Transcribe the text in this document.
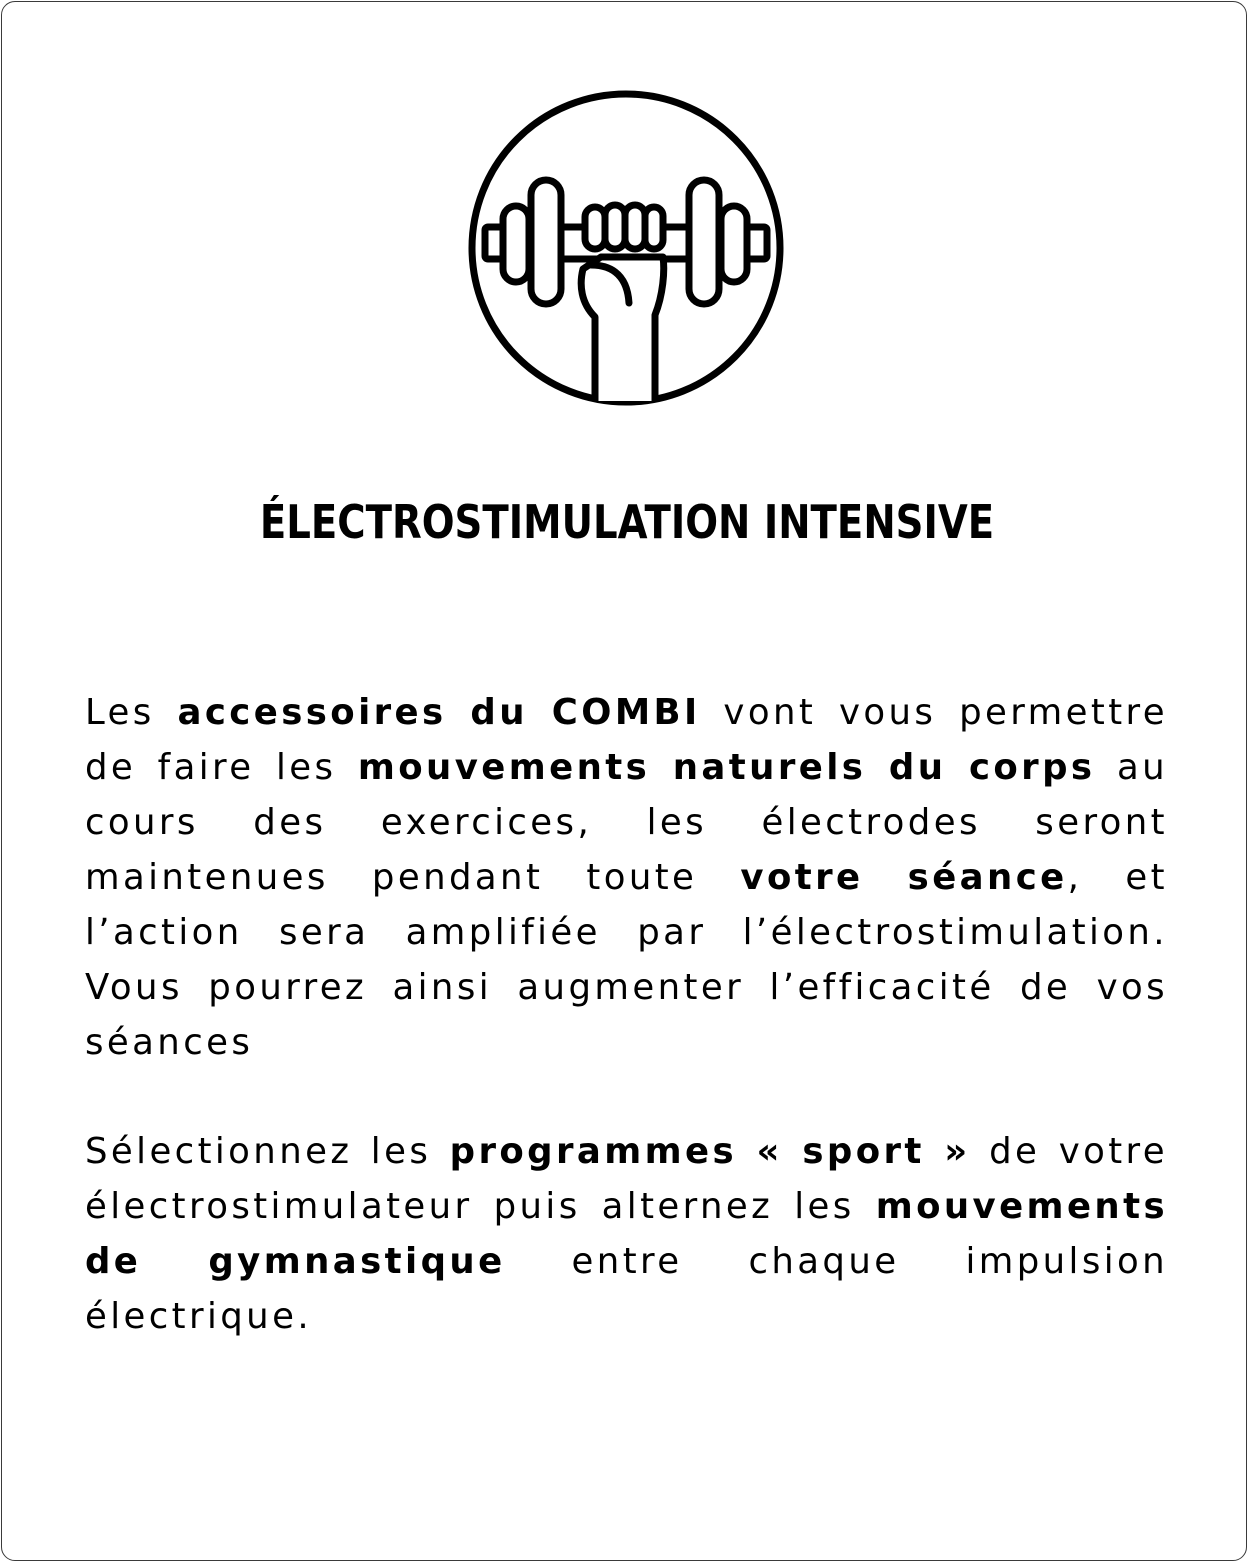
ÉLECTROSTIMULATION INTENSIVE
Les accessoires du COMBI vont vous permettre de faire les mouvements naturels du corps au cours des exercices, les électrodes seront maintenues pendant toute votre séance, et l’action sera amplifiée par l’électrostimulation. Vous pourrez ainsi augmenter l’efficacité de vos séances
Sélectionnez les programmes « sport » de votre électrostimulateur puis alternez les mouvements de gymnastique entre chaque impulsion électrique.
